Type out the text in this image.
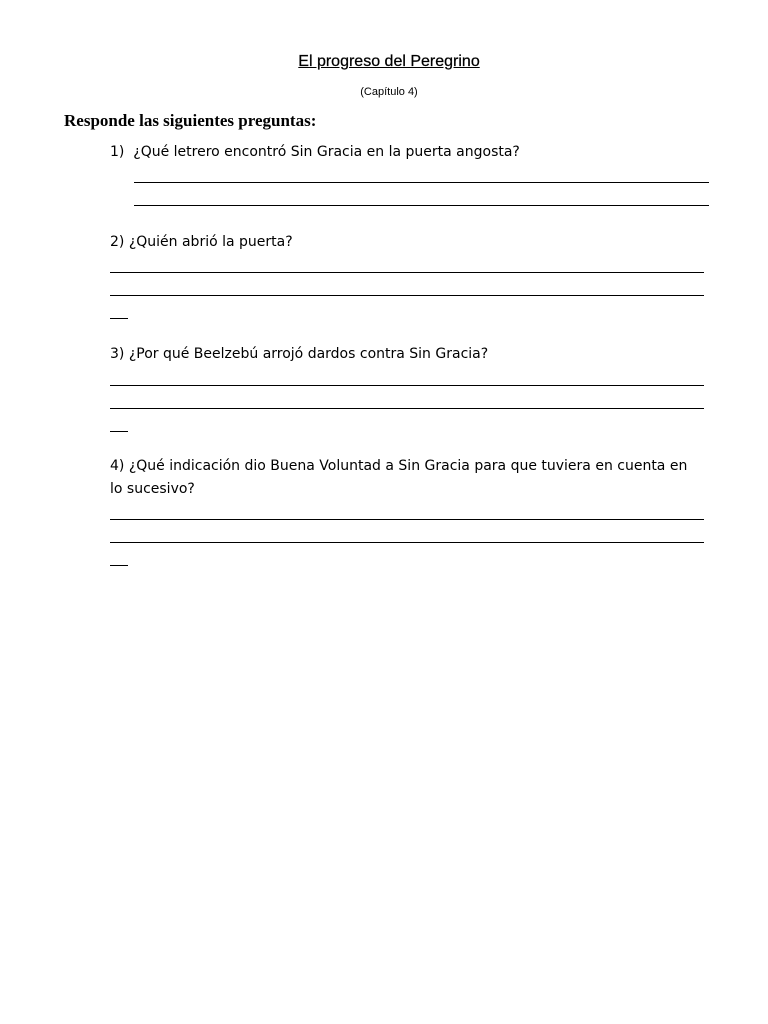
El progreso del Peregrino
(Capítulo 4)
Responde las siguientes preguntas:
1) ¿Qué letrero encontró Sin Gracia en la puerta angosta?
2) ¿Quién abrió la puerta?
3) ¿Por qué Beelzebú arrojó dardos contra Sin Gracia?
4) ¿Qué indicación dio Buena Voluntad a Sin Gracia para que tuviera en cuenta en
lo sucesivo?
